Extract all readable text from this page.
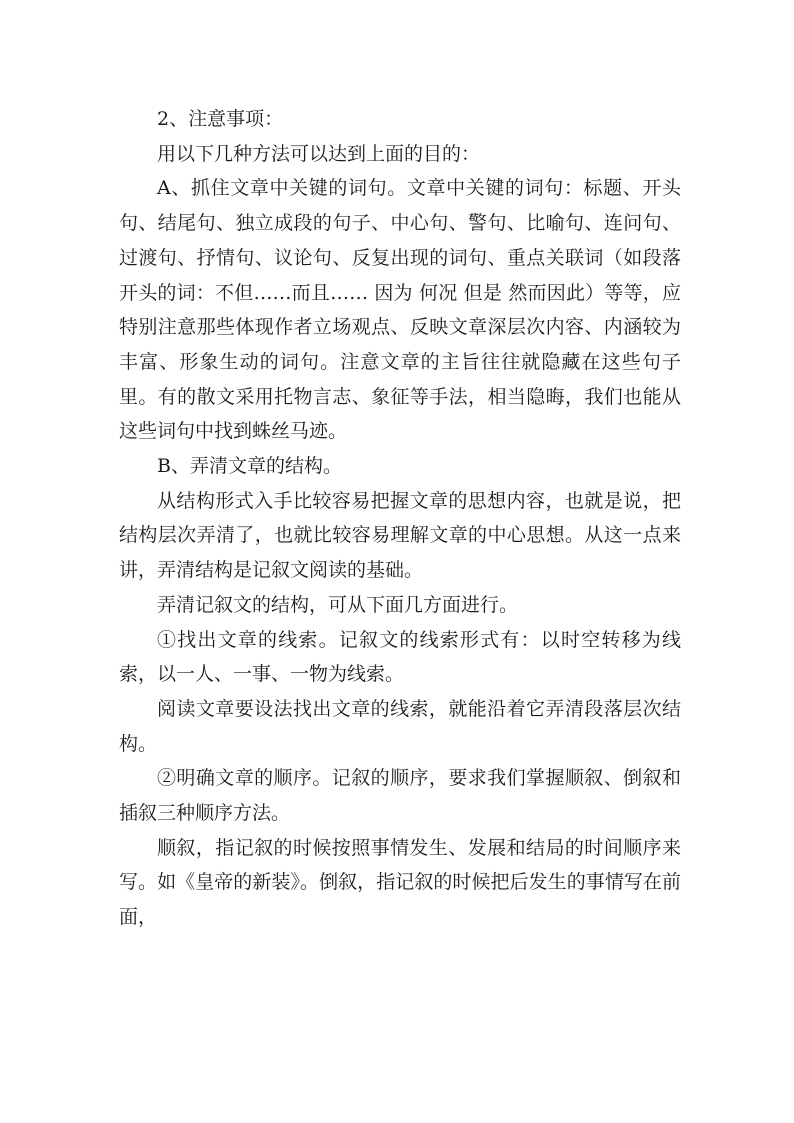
2、注意事项：

用以下几种方法可以达到上面的目的：

A、抓住文章中关键的词句。文章中关键的词句：标题、开头句、结尾句、独立成段的句子、中心句、警句、比喻句、连问句、过渡句、抒情句、议论句、反复出现的词句、重点关联词（如段落开头的词：不但……而且…… 因为 何况 但是 然而因此）等等，应特别注意那些体现作者立场观点、反映文章深层次内容、内涵较为丰富、形象生动的词句。注意文章的主旨往往就隐藏在这些句子里。有的散文采用托物言志、象征等手法，相当隐晦，我们也能从这些词句中找到蛛丝马迹。

B、弄清文章的结构。

从结构形式入手比较容易把握文章的思想内容，也就是说，把结构层次弄清了，也就比较容易理解文章的中心思想。从这一点来讲，弄清结构是记叙文阅读的基础。

弄清记叙文的结构，可从下面几方面进行。

①找出文章的线索。记叙文的线索形式有：以时空转移为线索，以一人、一事、一物为线索。

阅读文章要设法找出文章的线索，就能沿着它弄清段落层次结构。

②明确文章的顺序。记叙的顺序，要求我们掌握顺叙、倒叙和插叙三种顺序方法。

顺叙，指记叙的时候按照事情发生、发展和结局的时间顺序来写。如《皇帝的新装》。倒叙，指记叙的时候把后发生的事情写在前面，
